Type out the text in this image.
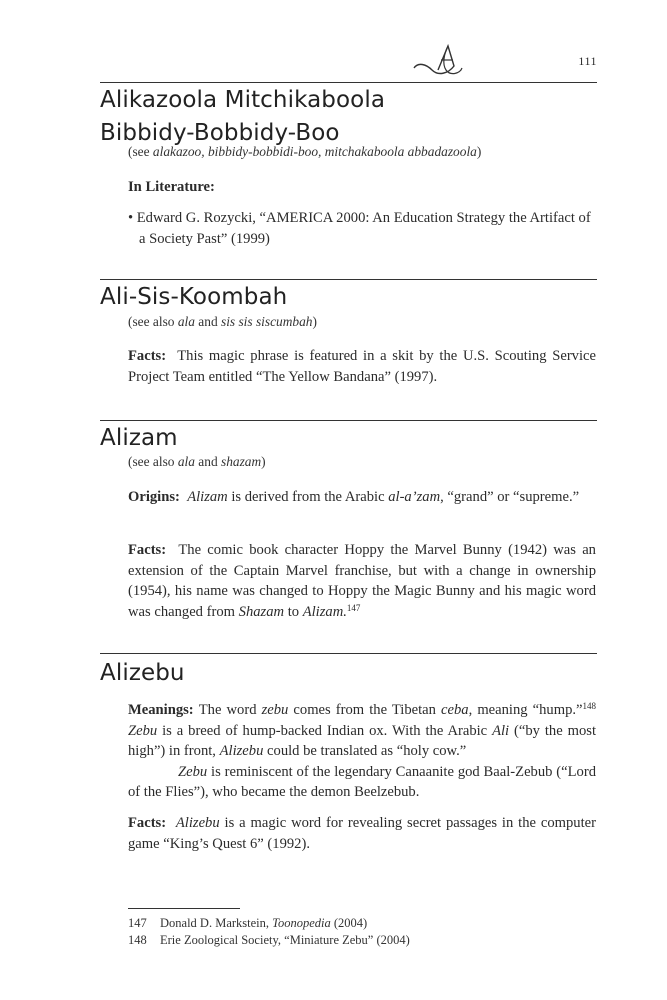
111
Alikazoola Mitchikaboola
Bibbidy-Bobbidy-Boo
(see alakazoo, bibbidy-bobbidi-boo, mitchakaboola abbadazoola)
In Literature:
• Edward G. Rozycki, “AMERICA 2000: An Education Strategy the Artifact of a Society Past” (1999)
Ali-Sis-Koombah
(see also ala and sis sis siscumbah)
Facts: This magic phrase is featured in a skit by the U.S. Scouting Service Project Team entitled “The Yellow Bandana” (1997).
Alizam
(see also ala and shazam)
Origins: Alizam is derived from the Arabic al-a’zam, “grand” or “supreme.”
Facts: The comic book character Hoppy the Marvel Bunny (1942) was an extension of the Captain Marvel franchise, but with a change in ownership (1954), his name was changed to Hoppy the Magic Bunny and his magic word was changed from Shazam to Alizam.$^{147}$
Alizebu
Meanings: The word zebu comes from the Tibetan ceba, meaning “hump.”$^{148}$ Zebu is a breed of hump-backed Indian ox. With the Arabic Ali (“by the most high”) in front, Alizebu could be translated as “holy cow.”
Zebu is reminiscent of the legendary Canaanite god Baal-Zebub (“Lord of the Flies”), who became the demon Beelzebub.
Facts: Alizebu is a magic word for revealing secret passages in the computer game “King’s Quest 6” (1992).
147 Donald D. Markstein, Toonopedia (2004)
148 Erie Zoological Society, “Miniature Zebu” (2004)
